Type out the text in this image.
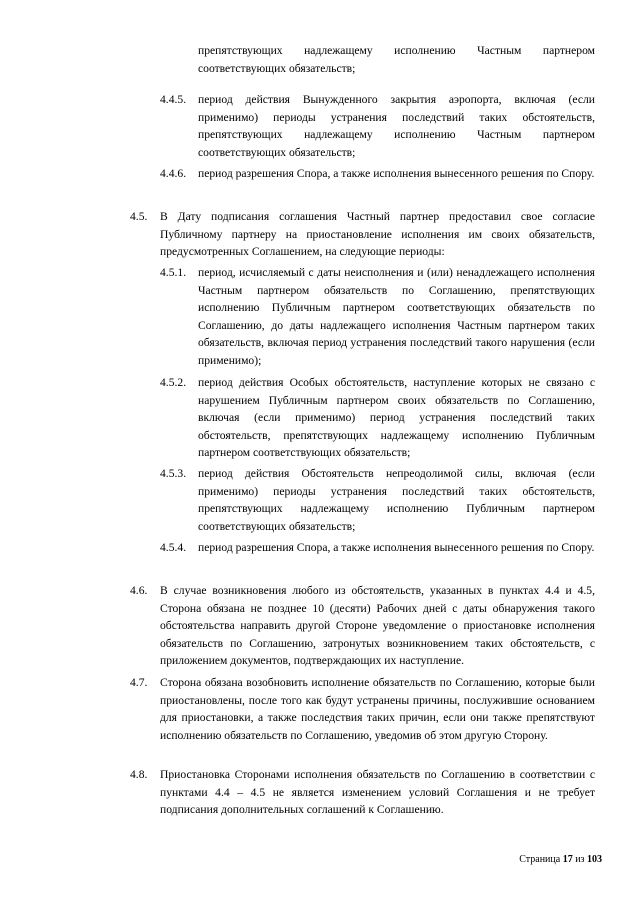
препятствующих надлежащему исполнению Частным партнером соответствующих обязательств;
4.4.5. период действия Вынужденного закрытия аэропорта, включая (если применимо) периоды устранения последствий таких обстоятельств, препятствующих надлежащему исполнению Частным партнером соответствующих обязательств;
4.4.6. период разрешения Спора, а также исполнения вынесенного решения по Спору.
4.5. В Дату подписания соглашения Частный партнер предоставил свое согласие Публичному партнеру на приостановление исполнения им своих обязательств, предусмотренных Соглашением, на следующие периоды:
4.5.1. период, исчисляемый с даты неисполнения и (или) ненадлежащего исполнения Частным партнером обязательств по Соглашению, препятствующих исполнению Публичным партнером соответствующих обязательств по Соглашению, до даты надлежащего исполнения Частным партнером таких обязательств, включая период устранения последствий такого нарушения (если применимо);
4.5.2. период действия Особых обстоятельств, наступление которых не связано с нарушением Публичным партнером своих обязательств по Соглашению, включая (если применимо) период устранения последствий таких обстоятельств, препятствующих надлежащему исполнению Публичным партнером соответствующих обязательств;
4.5.3. период действия Обстоятельств непреодолимой силы, включая (если применимо) периоды устранения последствий таких обстоятельств, препятствующих надлежащему исполнению Публичным партнером соответствующих обязательств;
4.5.4. период разрешения Спора, а также исполнения вынесенного решения по Спору.
4.6. В случае возникновения любого из обстоятельств, указанных в пунктах 4.4 и 4.5, Сторона обязана не позднее 10 (десяти) Рабочих дней с даты обнаружения такого обстоятельства направить другой Стороне уведомление о приостановке исполнения обязательств по Соглашению, затронутых возникновением таких обстоятельств, с приложением документов, подтверждающих их наступление.
4.7. Сторона обязана возобновить исполнение обязательств по Соглашению, которые были приостановлены, после того как будут устранены причины, послужившие основанием для приостановки, а также последствия таких причин, если они также препятствуют исполнению обязательств по Соглашению, уведомив об этом другую Сторону.
4.8. Приостановка Сторонами исполнения обязательств по Соглашению в соответствии с пунктами 4.4 – 4.5 не является изменением условий Соглашения и не требует подписания дополнительных соглашений к Соглашению.
Страница 17 из 103
